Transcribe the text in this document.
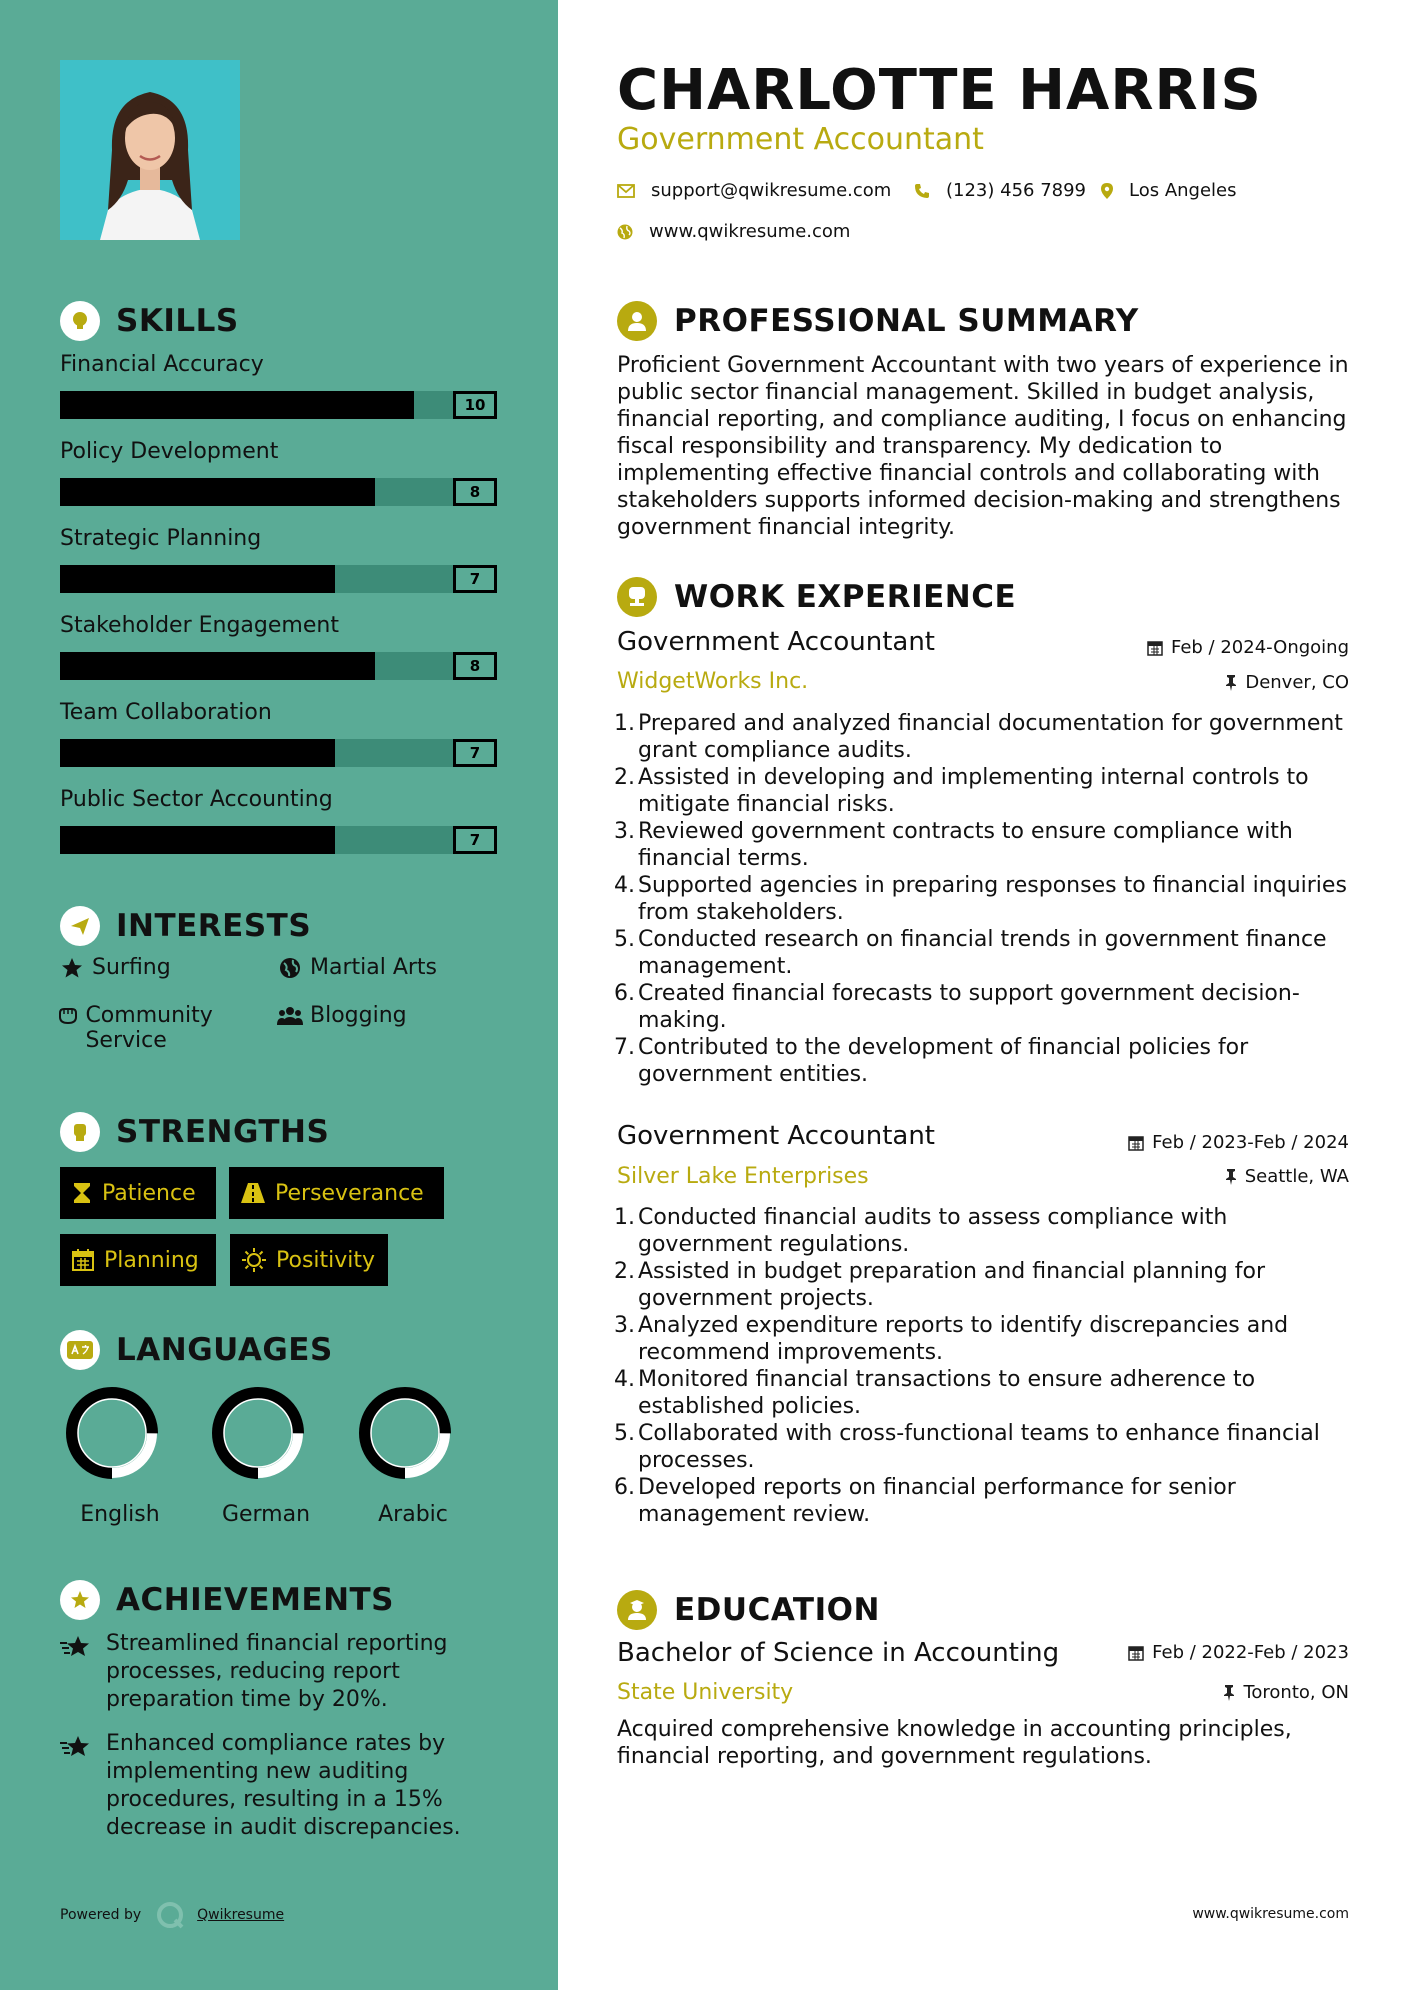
SKILLS
Financial Accuracy
10
Policy Development
8
Strategic Planning
7
Stakeholder Engagement
8
Team Collaboration
7
Public Sector Accounting
7
INTERESTS
Surfing	Martial Arts
Community Service
Blogging
STRENGTHS
Patience	Perseverance
Planning	Positivity
LANGUAGES
English	German	Arabic
ACHIEVEMENTS
Streamlined financial reporting processes, reducing report preparation time by 20%.
Enhanced compliance rates by implementing new auditing procedures, resulting in a 15% decrease in audit discrepancies.
Powered by	Qwikresume
CHARLOTTE HARRIS
Government Accountant
support@qwikresume.com	(123) 456 7899 Los Angeles
www.qwikresume.com
PROFESSIONAL SUMMARY
Proficient Government Accountant with two years of experience in public sector financial management. Skilled in budget analysis, financial reporting, and compliance auditing, I focus on enhancing fiscal responsibility and transparency. My dedication to implementing effective financial controls and collaborating with stakeholders supports informed decision-making and strengthens government financial integrity.
WORK EXPERIENCE
Government Accountant
WidgetWorks Inc.
Feb / 2024-Ongoing
Denver, CO
1. Prepared and analyzed financial documentation for government grant compliance audits.
2. Assisted in developing and implementing internal controls to mitigate financial risks.
3. Reviewed government contracts to ensure compliance with financial terms.
4. Supported agencies in preparing responses to financial inquiries from stakeholders.
5. Conducted research on financial trends in government finance management.
6. Created financial forecasts to support government decision-making.
7. Contributed to the development of financial policies for government entities.
Government Accountant
Silver Lake Enterprises
Feb / 2023-Feb / 2024
Seattle, WA
1. Conducted financial audits to assess compliance with government regulations.
2. Assisted in budget preparation and financial planning for government projects.
3. Analyzed expenditure reports to identify discrepancies and recommend improvements.
4. Monitored financial transactions to ensure adherence to established policies.
5. Collaborated with cross-functional teams to enhance financial processes.
6. Developed reports on financial performance for senior management review.
EDUCATION
Bachelor of Science in Accounting
State University
Feb / 2022-Feb / 2023
Toronto, ON
Acquired comprehensive knowledge in accounting principles, financial reporting, and government regulations.
www.qwikresume.com
